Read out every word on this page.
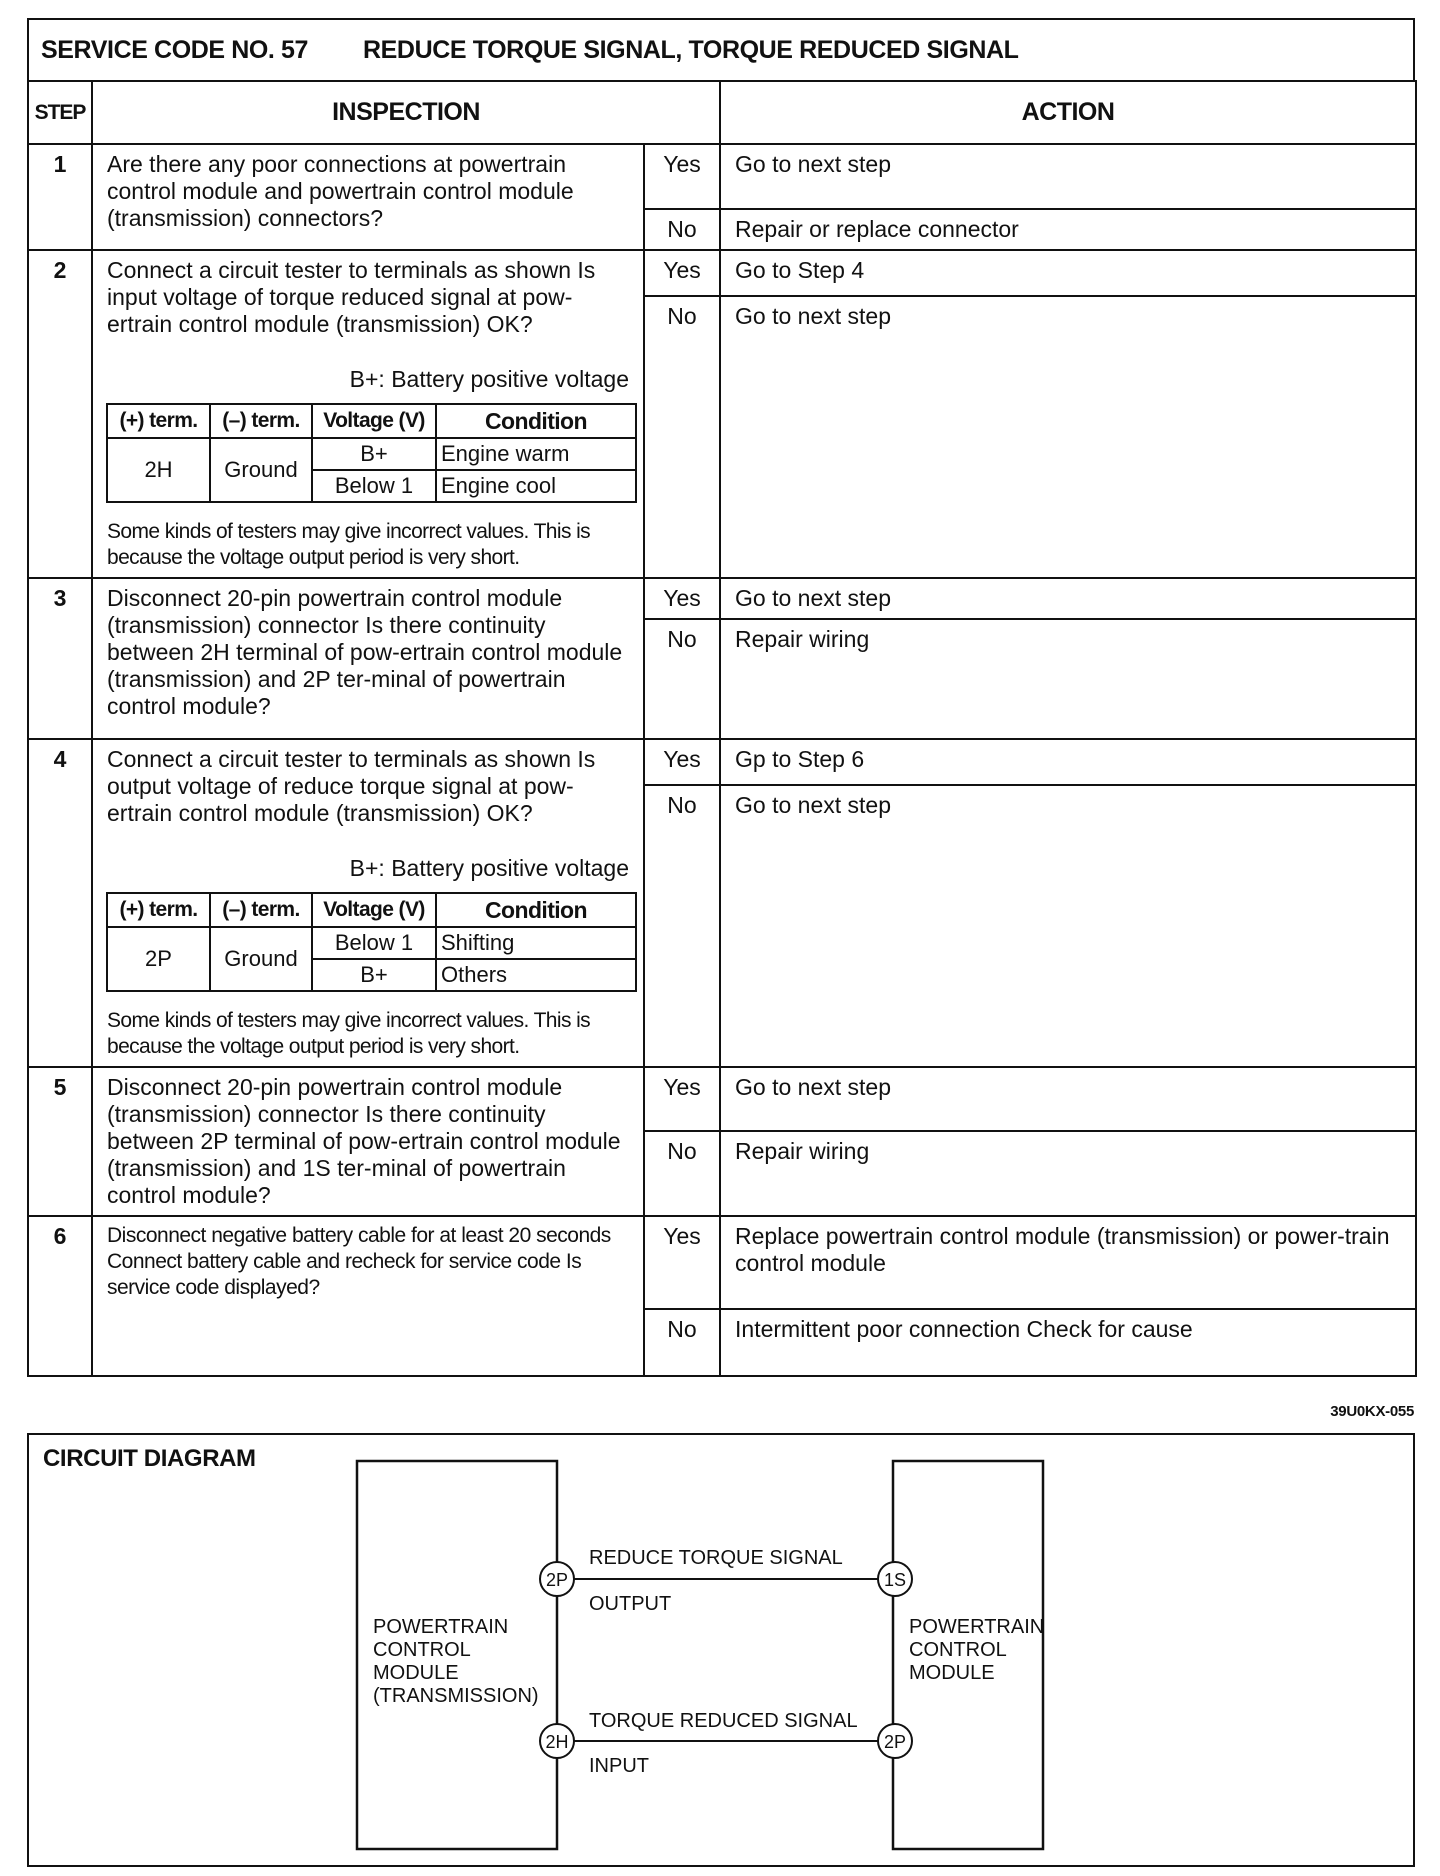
SERVICE CODE NO. 57	REDUCE TORQUE SIGNAL, TORQUE REDUCED SIGNAL
STEP	INSPECTION	ACTION
1	Are there any poor connections at powertrain control module and powertrain control module (transmission) connectors?
	Yes	Go to next step
No	Repair or replace connector
2	Connect a circuit tester to terminals as shown Is input voltage of torque reduced signal at pow-ertrain control module (transmission) OK?
B+: Battery positive voltage
(+) term.	(–) term.	Voltage (V)	Condition
2H	Ground	B+	Engine warm
Below 1	Engine cool
Some kinds of testers may give incorrect values. This is because the voltage output period is very short.
	Yes	Go to Step 4
No	Go to next step
3	Disconnect 20-pin powertrain control module (transmission) connector Is there continuity between 2H terminal of pow-ertrain control module (transmission) and 2P ter-minal of powertrain control module?
	Yes	Go to next step
No	Repair wiring
4	Connect a circuit tester to terminals as shown Is output voltage of reduce torque signal at pow-ertrain control module (transmission) OK?
B+: Battery positive voltage
(+) term.	(–) term.	Voltage (V)	Condition
2P	Ground	Below 1	Shifting
B+	Others
Some kinds of testers may give incorrect values. This is because the voltage output period is very short.
	Yes	Gp to Step 6
No	Go to next step
5	Disconnect 20-pin powertrain control module (transmission) connector Is there continuity between 2P terminal of pow-ertrain control module (transmission) and 1S ter-minal of powertrain control module?
	Yes	Go to next step
No	Repair wiring
6	Disconnect negative battery cable for at least 20 seconds Connect battery cable and recheck for service code Is service code displayed?
	Yes	Replace powertrain control module (transmission) or power-train control module
No	Intermittent poor connection Check for cause
39U0KX-055
CIRCUIT DIAGRAM
2P	1S
2H	2P
REDUCE TORQUE SIGNAL
OUTPUT
TORQUE REDUCED SIGNAL
INPUT
POWERTRAIN
CONTROL
MODULE
(TRANSMISSION)
POWERTRAIN
CONTROL
MODULE
